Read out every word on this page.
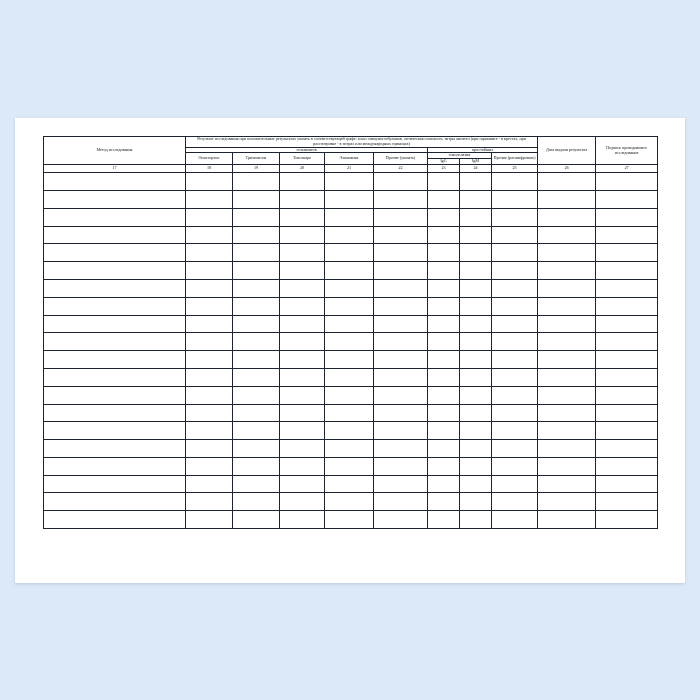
Метод исследования	Результат исследования при положительных результатах указать в соответствующей графе: класс иммуноглобулинов, оптическая плотность, титры антител (при скрининге - в крестах, при расститровке - в титрах или международных единицах)								Дата выдачи результата	Подпись проводившего исследование
	гельминтов					простейших				
	Описторхис	Трихинелла	Токсокара	Эхинококк	Прочие (указать)	токсоплазма		Прочие (расшифровать)		
						IgG	IgM			
17	18	19	20	21	22	23	24	25	26	27
